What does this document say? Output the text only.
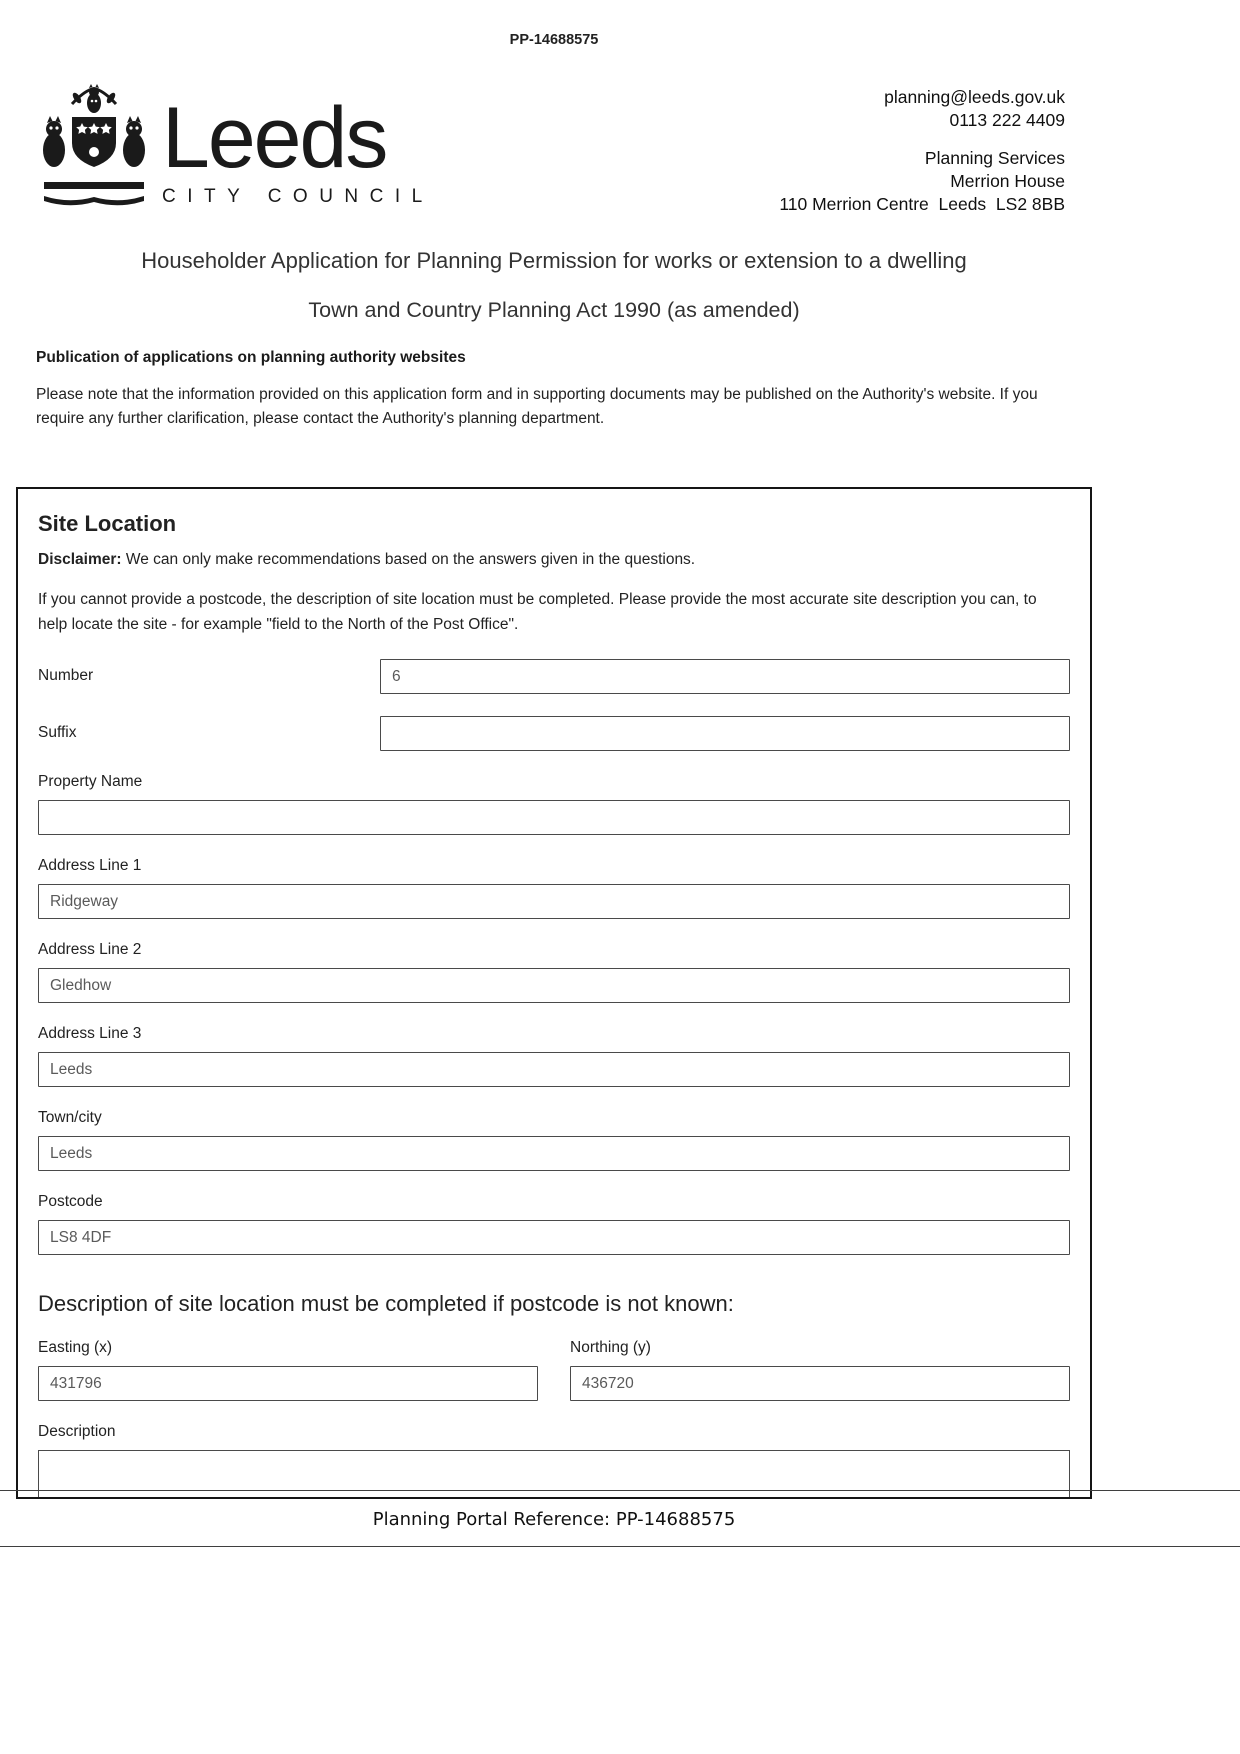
PP-14688575
Leeds
CITY COUNCIL
planning@leeds.gov.uk
0113 222 4409
Planning Services
Merrion House
110 Merrion Centre  Leeds  LS2 8BB
Householder Application for Planning Permission for works or extension to a dwelling
Town and Country Planning Act 1990 (as amended)
Publication of applications on planning authority websites
Please note that the information provided on this application form and in supporting documents may be published on the Authority's website. If you require any further clarification, please contact the Authority's planning department.
Site Location
Disclaimer: We can only make recommendations based on the answers given in the questions.
If you cannot provide a postcode, the description of site location must be completed. Please provide the most accurate site description you can, to help locate the site - for example "field to the North of the Post Office".
Number
6
Suffix
Property Name
Address Line 1
Ridgeway
Address Line 2
Gledhow
Address Line 3
Leeds
Town/city
Leeds
Postcode
LS8 4DF
Description of site location must be completed if postcode is not known:
Easting (x)
431796	Northing (y)
436720
Description
Planning Portal Reference: PP-14688575
